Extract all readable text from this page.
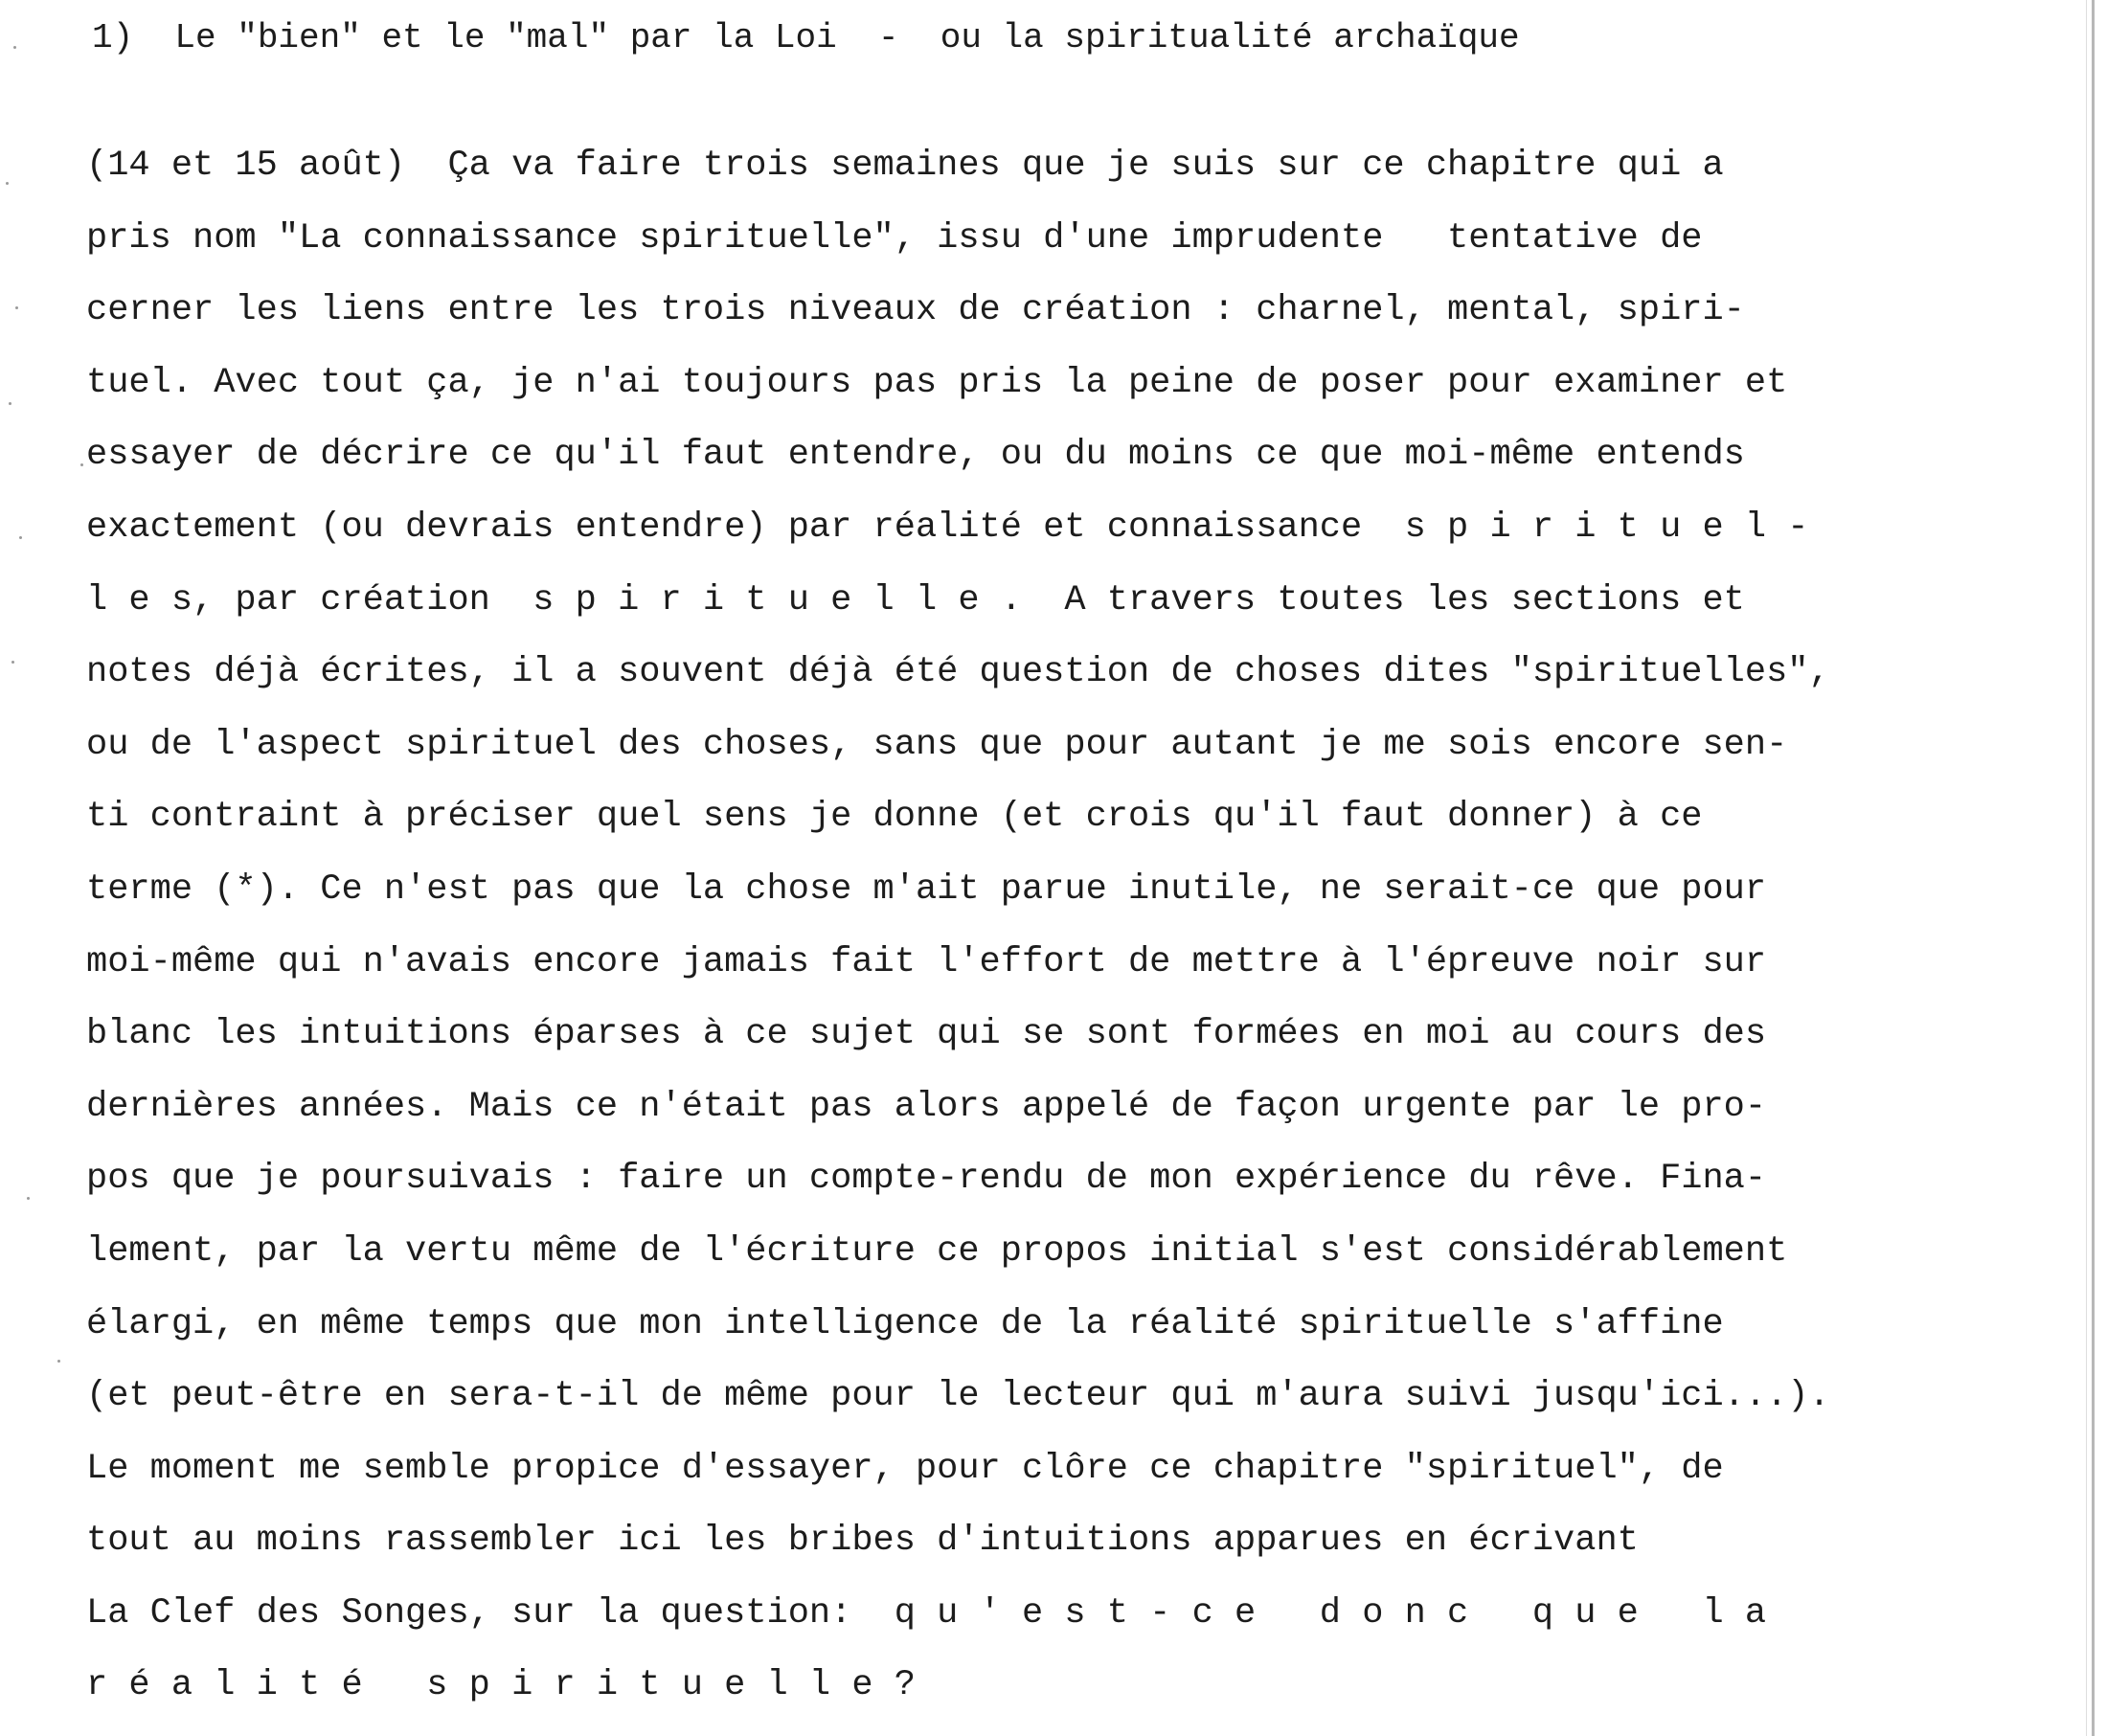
1)  Le "bien" et le "mal" par la Loi  -  ou la spiritualité archaïque
(14 et 15 août)  Ça va faire trois semaines que je suis sur ce chapitre qui a
pris nom "La connaissance spirituelle", issu d'une imprudente   tentative de
cerner les liens entre les trois niveaux de création : charnel, mental, spiri-
tuel. Avec tout ça, je n'ai toujours pas pris la peine de poser pour examiner et
essayer de décrire ce qu'il faut entendre, ou du moins ce que moi-même entends
exactement (ou devrais entendre) par réalité et connaissance  s p i r i t u e l -
l e s, par création  s p i r i t u e l l e .  A travers toutes les sections et
notes déjà écrites, il a souvent déjà été question de choses dites "spirituelles",
ou de l'aspect spirituel des choses, sans que pour autant je me sois encore sen-
ti contraint à préciser quel sens je donne (et crois qu'il faut donner) à ce
terme (*). Ce n'est pas que la chose m'ait parue inutile, ne serait-ce que pour
moi-même qui n'avais encore jamais fait l'effort de mettre à l'épreuve noir sur
blanc les intuitions éparses à ce sujet qui se sont formées en moi au cours des
dernières années. Mais ce n'était pas alors appelé de façon urgente par le pro-
pos que je poursuivais : faire un compte-rendu de mon expérience du rêve. Fina-
lement, par la vertu même de l'écriture ce propos initial s'est considérablement
élargi, en même temps que mon intelligence de la réalité spirituelle s'affine
(et peut-être en sera-t-il de même pour le lecteur qui m'aura suivi jusqu'ici...).
Le moment me semble propice d'essayer, pour clôre ce chapitre "spirituel", de
tout au moins rassembler ici les bribes d'intuitions apparues en écrivant
La Clef des Songes, sur la question:  q u ' e s t - c e   d o n c   q u e   l a
r é a l i t é   s p i r i t u e l l e ?
